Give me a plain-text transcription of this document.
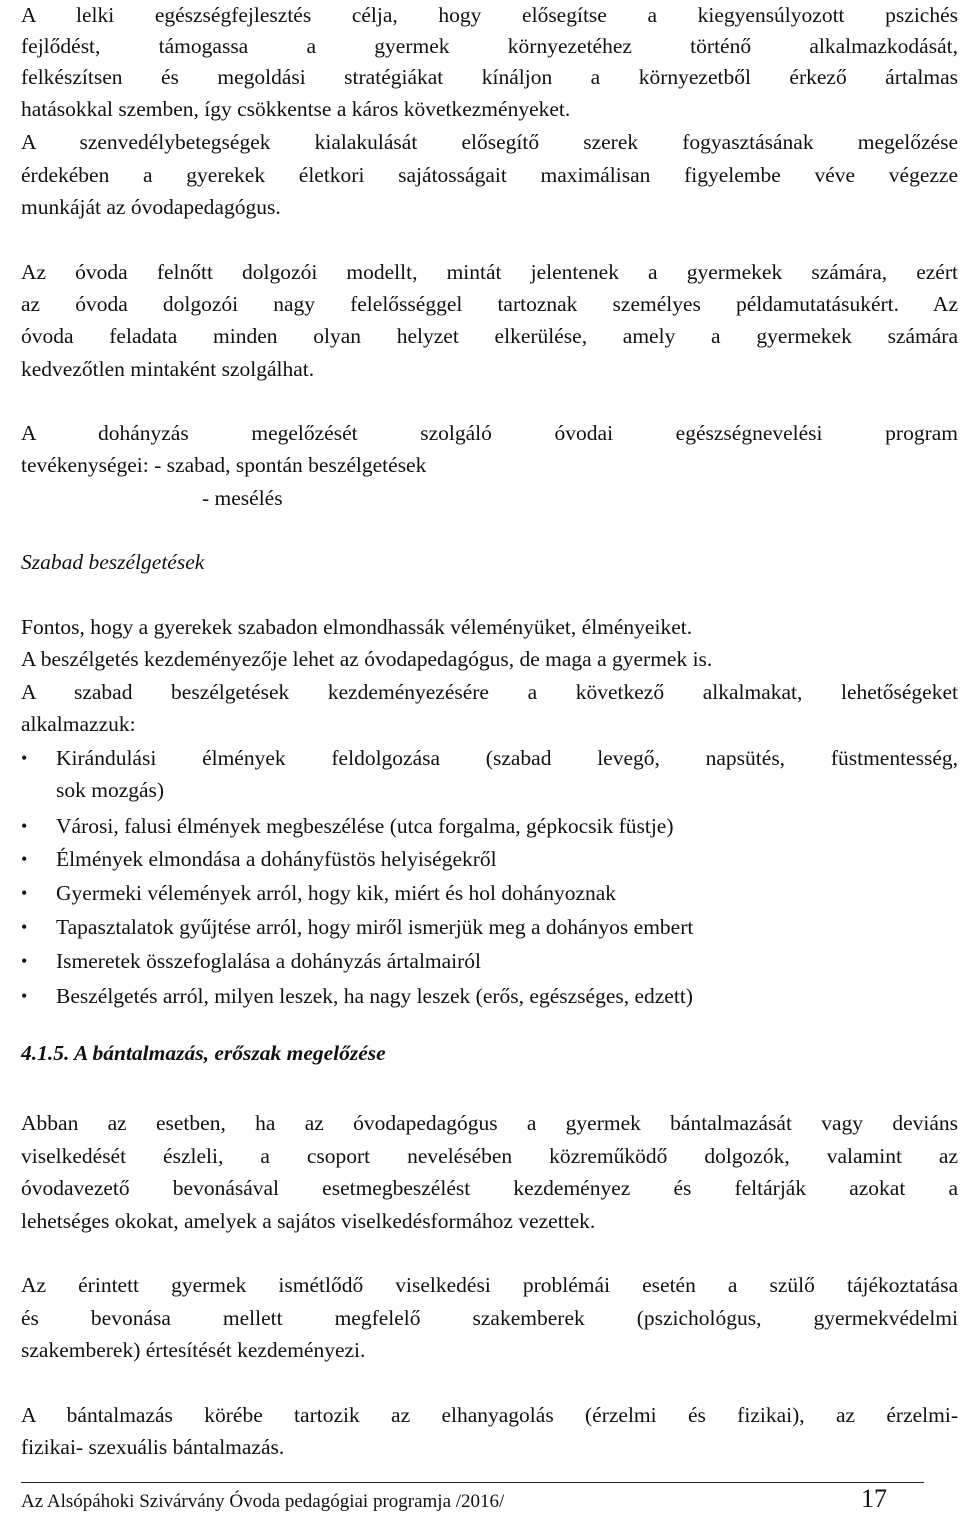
A lelki egészségfejlesztés célja, hogy elősegítse a kiegyensúlyozott pszichés
fejlődést, támogassa a gyermek környezetéhez történő alkalmazkodását,
felkészítsen és megoldási stratégiákat kínáljon a környezetből érkező ártalmas
hatásokkal szemben, így csökkentse a káros következményeket.
A szenvedélybetegségek kialakulását elősegítő szerek fogyasztásának megelőzése
érdekében a gyerekek életkori sajátosságait maximálisan figyelembe véve végezze
munkáját az óvodapedagógus.
Az óvoda felnőtt dolgozói modellt, mintát jelentenek a gyermekek számára, ezért
az óvoda dolgozói nagy felelősséggel tartoznak személyes példamutatásukért. Az
óvoda feladata minden olyan helyzet elkerülése, amely a gyermekek számára
kedvezőtlen mintaként szolgálhat.
A dohányzás megelőzését szolgáló óvodai egészségnevelési program
tevékenységei: - szabad, spontán beszélgetések
- mesélés
Szabad beszélgetések
Fontos, hogy a gyerekek szabadon elmondhassák véleményüket, élményeiket.
A beszélgetés kezdeményezője lehet az óvodapedagógus, de maga a gyermek is.
A szabad beszélgetések kezdeményezésére a következő alkalmakat, lehetőségeket
alkalmazzuk:
• Kirándulási élmények feldolgozása (szabad levegő, napsütés, füstmentesség,
sok mozgás)
• Városi, falusi élmények megbeszélése (utca forgalma, gépkocsik füstje)
• Élmények elmondása a dohányfüstös helyiségekről
• Gyermeki vélemények arról, hogy kik, miért és hol dohányoznak
• Tapasztalatok gyűjtése arról, hogy miről ismerjük meg a dohányos embert
• Ismeretek összefoglalása a dohányzás ártalmairól
• Beszélgetés arról, milyen leszek, ha nagy leszek (erős, egészséges, edzett)
4.1.5. A bántalmazás, erőszak megelőzése
Abban az esetben, ha az óvodapedagógus a gyermek bántalmazását vagy deviáns
viselkedését észleli, a csoport nevelésében közreműködő dolgozók, valamint az
óvodavezető bevonásával esetmegbeszélést kezdeményez és feltárják azokat a
lehetséges okokat, amelyek a sajátos viselkedésformához vezettek.
Az érintett gyermek ismétlődő viselkedési problémái esetén a szülő tájékoztatása
és bevonása mellett megfelelő szakemberek (pszichológus, gyermekvédelmi
szakemberek) értesítését kezdeményezi.
A bántalmazás körébe tartozik az elhanyagolás (érzelmi és fizikai), az érzelmi-
fizikai- szexuális bántalmazás.
Az Alsópáhoki Szivárvány Óvoda pedagógiai programja /2016/	17
